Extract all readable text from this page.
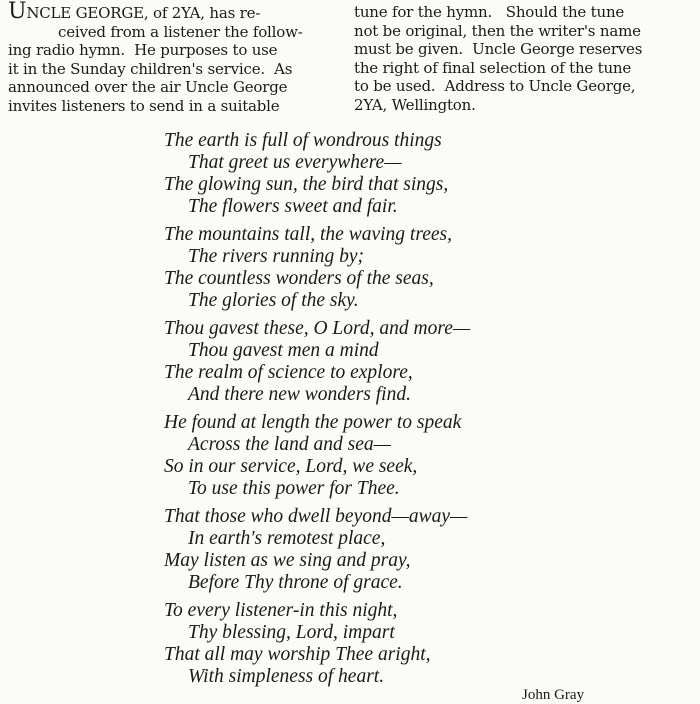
UNCLE GEORGE, of 2YA, has re-

ceived from a listener the follow-

ing radio hymn.  He purposes to use

it in the Sunday children's service.  As

announced over the air Uncle George

invites listeners to send in a suitable

tune for the hymn.   Should the tune

not be original, then the writer's name

must be given.  Uncle George reserves

the right of final selection of the tune

to be used.  Address to Uncle George,

2YA, Wellington.

The earth is full of wondrous things

That greet us everywhere—

The glowing sun, the bird that sings,

The flowers sweet and fair.

The mountains tall, the waving trees,

The rivers running by;

The countless wonders of the seas,

The glories of the sky.

Thou gavest these, O Lord, and more—

Thou gavest men a mind

The realm of science to explore,

And there new wonders find.

He found at length the power to speak

Across the land and sea—

So in our service, Lord, we seek,

To use this power for Thee.

That those who dwell beyond—away—

In earth's remotest place,

May listen as we sing and pray,

Before Thy throne of grace.

To every listener-in this night,

Thy blessing, Lord, impart

That all may worship Thee aright,

With simpleness of heart.

John Gray
